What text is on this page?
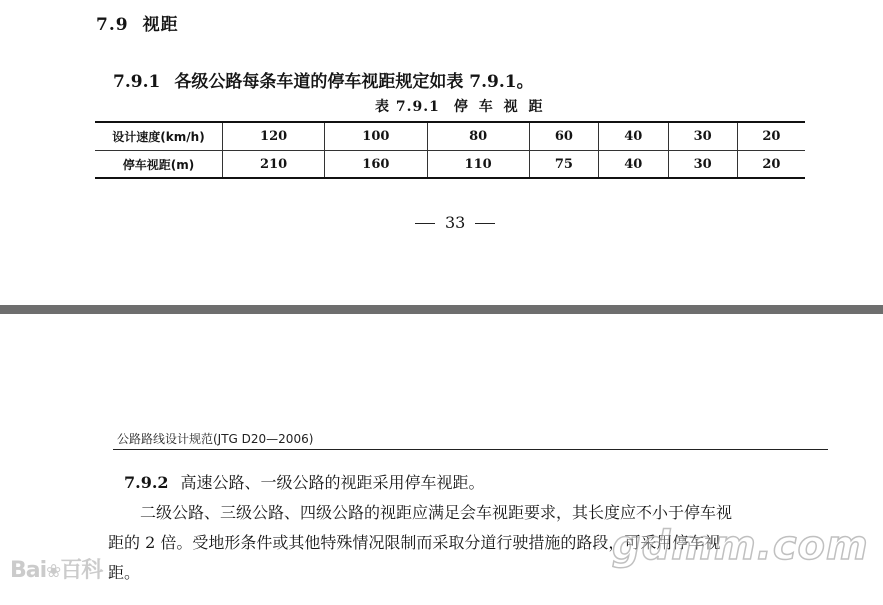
7.9 视距
7.9.1 各级公路每条车道的停车视距规定如表 7.9.1。
表 7.9.1 停 车 视 距
设计速度(km/h)	120	100	80	60	40	30	20
停车视距(m)	210	160	110	75	40	30	20
33
公路路线设计规范(JTG D20—2006)
7.9.2 高速公路、一级公路的视距采用停车视距。

二级公路、三级公路、四级公路的视距应满足会车视距要求，其长度应不小于停车视

距的 2 倍。受地形条件或其他特殊情况限制而采取分道行驶措施的路段，可采用停车视

距。

Bai❀百科
gdmm.com
